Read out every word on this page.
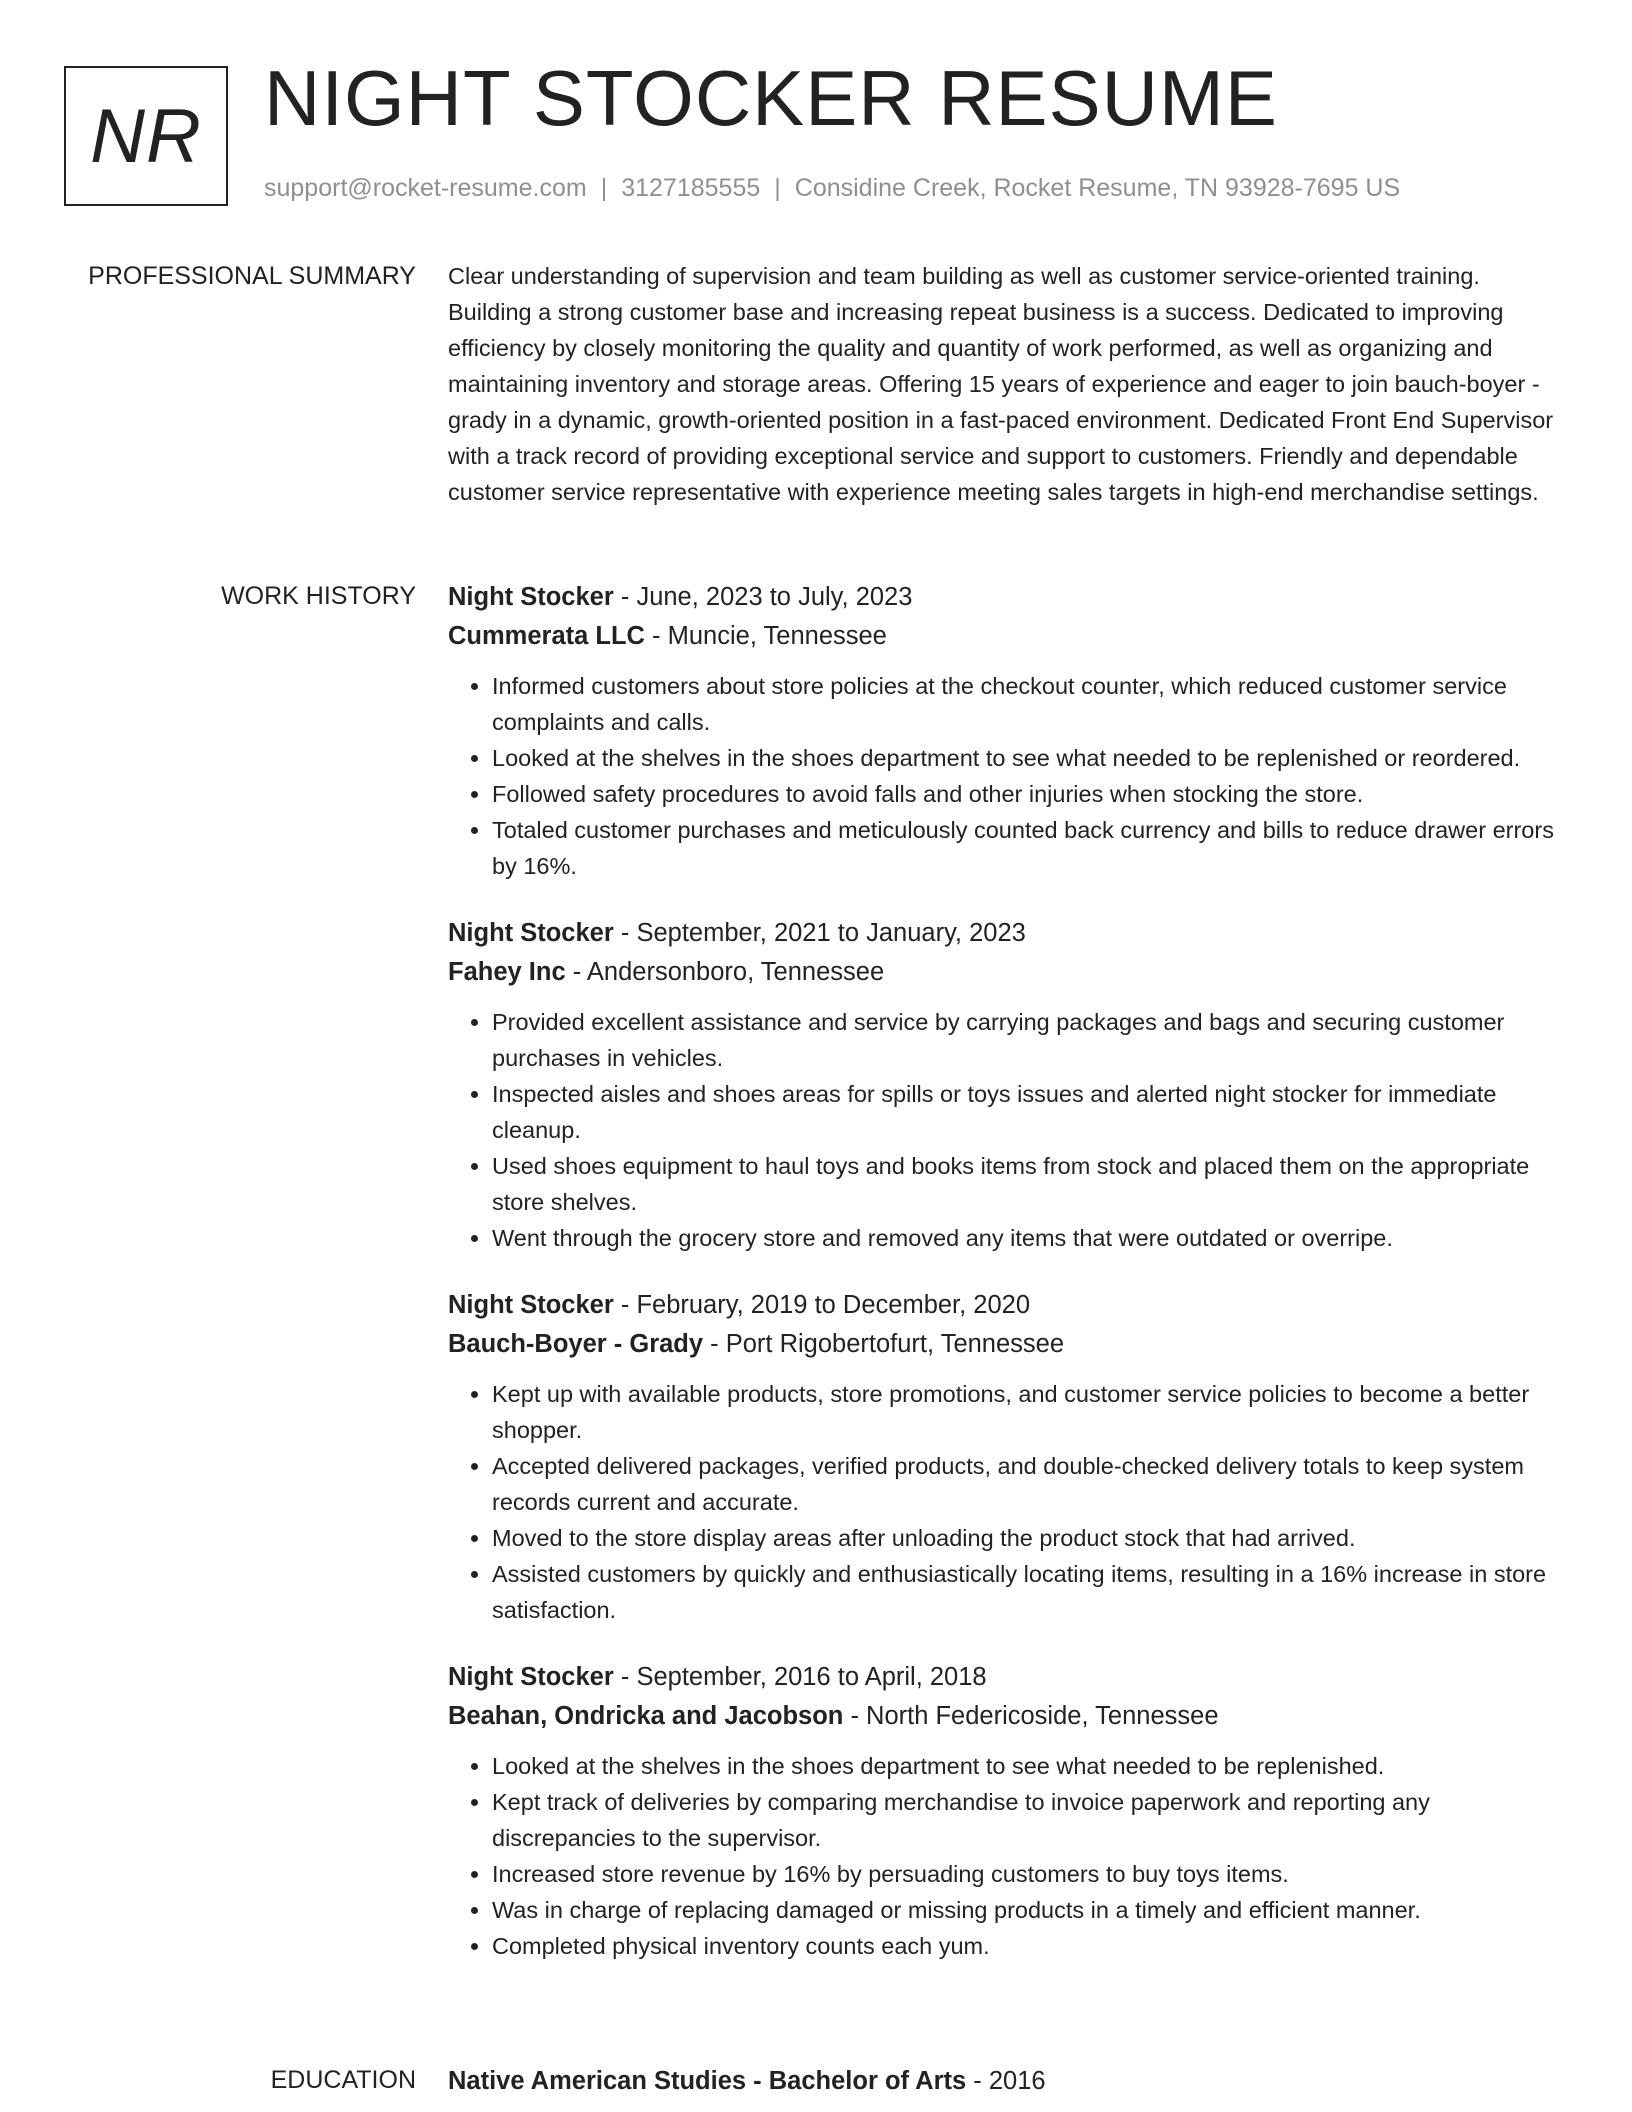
NR NIGHT STOCKER RESUME
support@rocket-resume.com | 3127185555 | Considine Creek, Rocket Resume, TN 93928-7695 US
PROFESSIONAL SUMMARY Clear understanding of supervision and team building as well as customer service-oriented training. Building a strong customer base and increasing repeat business is a success. Dedicated to improving efficiency by closely monitoring the quality and quantity of work performed, as well as organizing and maintaining inventory and storage areas. Offering 15 years of experience and eager to join bauch-boyer - grady in a dynamic, growth-oriented position in a fast-paced environment. Dedicated Front End Supervisor with a track record of providing exceptional service and support to customers. Friendly and dependable customer service representative with experience meeting sales targets in high-end merchandise settings.
WORK HISTORY Night Stocker - June, 2023 to July, 2023
Cummerata LLC - Muncie, Tennessee
• Informed customers about store policies at the checkout counter, which reduced customer service complaints and calls.
• Looked at the shelves in the shoes department to see what needed to be replenished or reordered.
• Followed safety procedures to avoid falls and other injuries when stocking the store.
• Totaled customer purchases and meticulously counted back currency and bills to reduce drawer errors by 16%.
Night Stocker - September, 2021 to January, 2023
Fahey Inc - Andersonboro, Tennessee
• Provided excellent assistance and service by carrying packages and bags and securing customer purchases in vehicles.
• Inspected aisles and shoes areas for spills or toys issues and alerted night stocker for immediate cleanup.
• Used shoes equipment to haul toys and books items from stock and placed them on the appropriate store shelves.
• Went through the grocery store and removed any items that were outdated or overripe.
Night Stocker - February, 2019 to December, 2020
Bauch-Boyer - Grady - Port Rigobertofurt, Tennessee
• Kept up with available products, store promotions, and customer service policies to become a better shopper.
• Accepted delivered packages, verified products, and double-checked delivery totals to keep system records current and accurate.
• Moved to the store display areas after unloading the product stock that had arrived.
• Assisted customers by quickly and enthusiastically locating items, resulting in a 16% increase in store satisfaction.
Night Stocker - September, 2016 to April, 2018
Beahan, Ondricka and Jacobson - North Federicoside, Tennessee
• Looked at the shelves in the shoes department to see what needed to be replenished.
• Kept track of deliveries by comparing merchandise to invoice paperwork and reporting any discrepancies to the supervisor.
• Increased store revenue by 16% by persuading customers to buy toys items.
• Was in charge of replacing damaged or missing products in a timely and efficient manner.
• Completed physical inventory counts each yum.
EDUCATION Native American Studies - Bachelor of Arts - 2016
